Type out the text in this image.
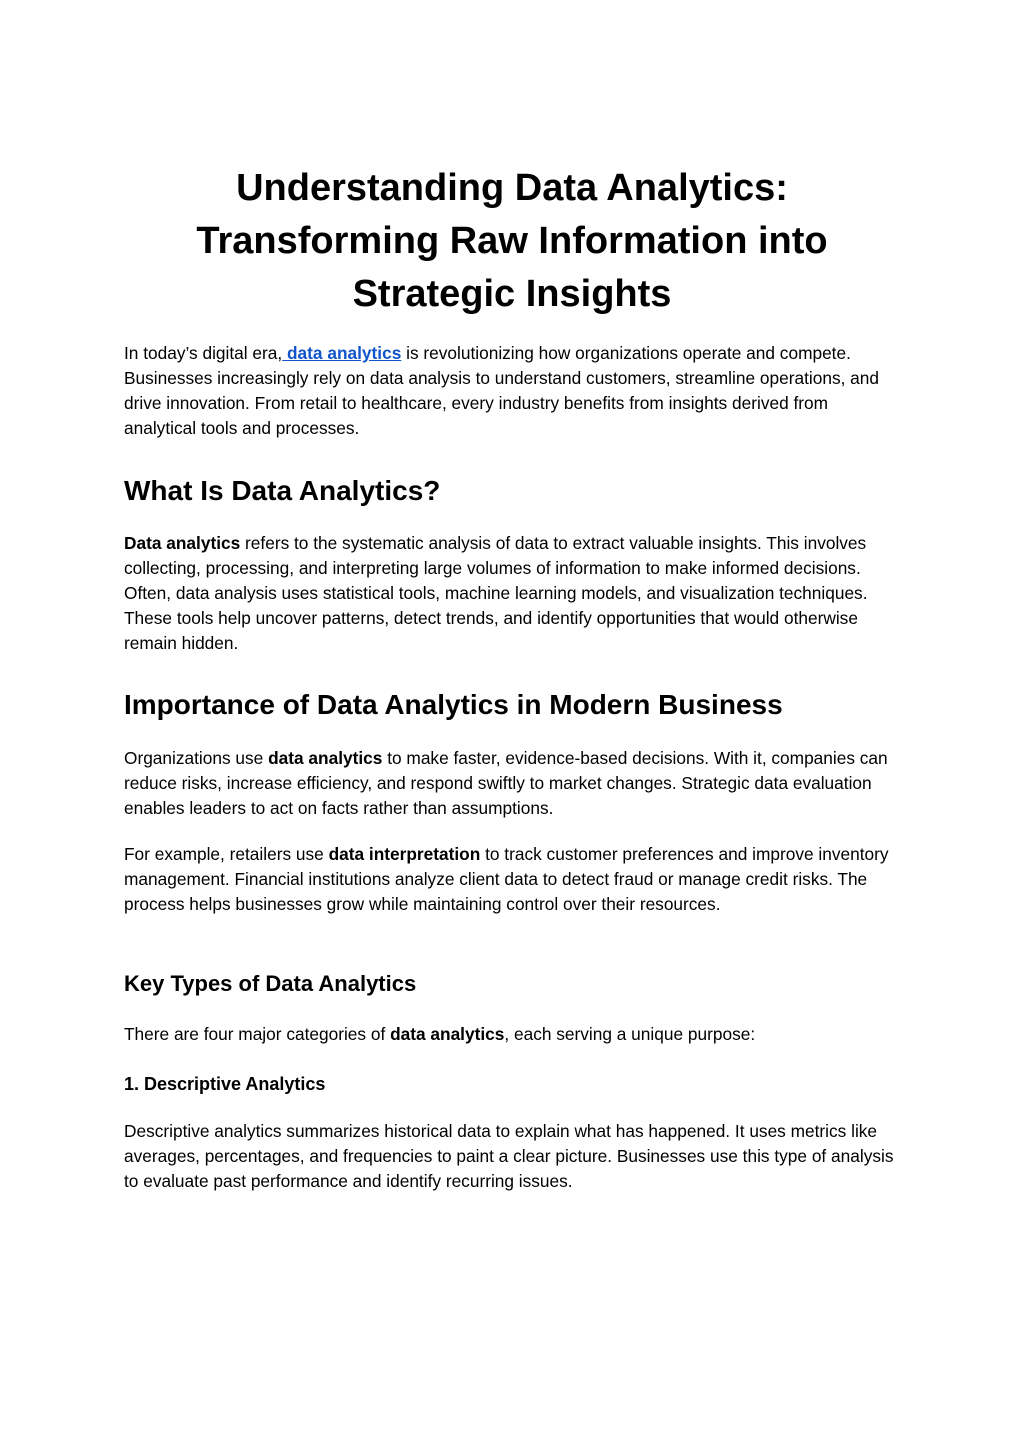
Understanding Data Analytics:
Transforming Raw Information into
Strategic Insights

In today’s digital era, data analytics is revolutionizing how organizations operate and compete. Businesses increasingly rely on data analysis to understand customers, streamline operations, and drive innovation. From retail to healthcare, every industry benefits from insights derived from analytical tools and processes.

What Is Data Analytics?

Data analytics refers to the systematic analysis of data to extract valuable insights. This involves collecting, processing, and interpreting large volumes of information to make informed decisions. Often, data analysis uses statistical tools, machine learning models, and visualization techniques. These tools help uncover patterns, detect trends, and identify opportunities that would otherwise remain hidden.

Importance of Data Analytics in Modern Business

Organizations use data analytics to make faster, evidence-based decisions. With it, companies can reduce risks, increase efficiency, and respond swiftly to market changes. Strategic data evaluation enables leaders to act on facts rather than assumptions.

For example, retailers use data interpretation to track customer preferences and improve inventory management. Financial institutions analyze client data to detect fraud or manage credit risks. The process helps businesses grow while maintaining control over their resources.

Key Types of Data Analytics

There are four major categories of data analytics, each serving a unique purpose:

1. Descriptive Analytics

Descriptive analytics summarizes historical data to explain what has happened. It uses metrics like averages, percentages, and frequencies to paint a clear picture. Businesses use this type of analysis to evaluate past performance and identify recurring issues.
